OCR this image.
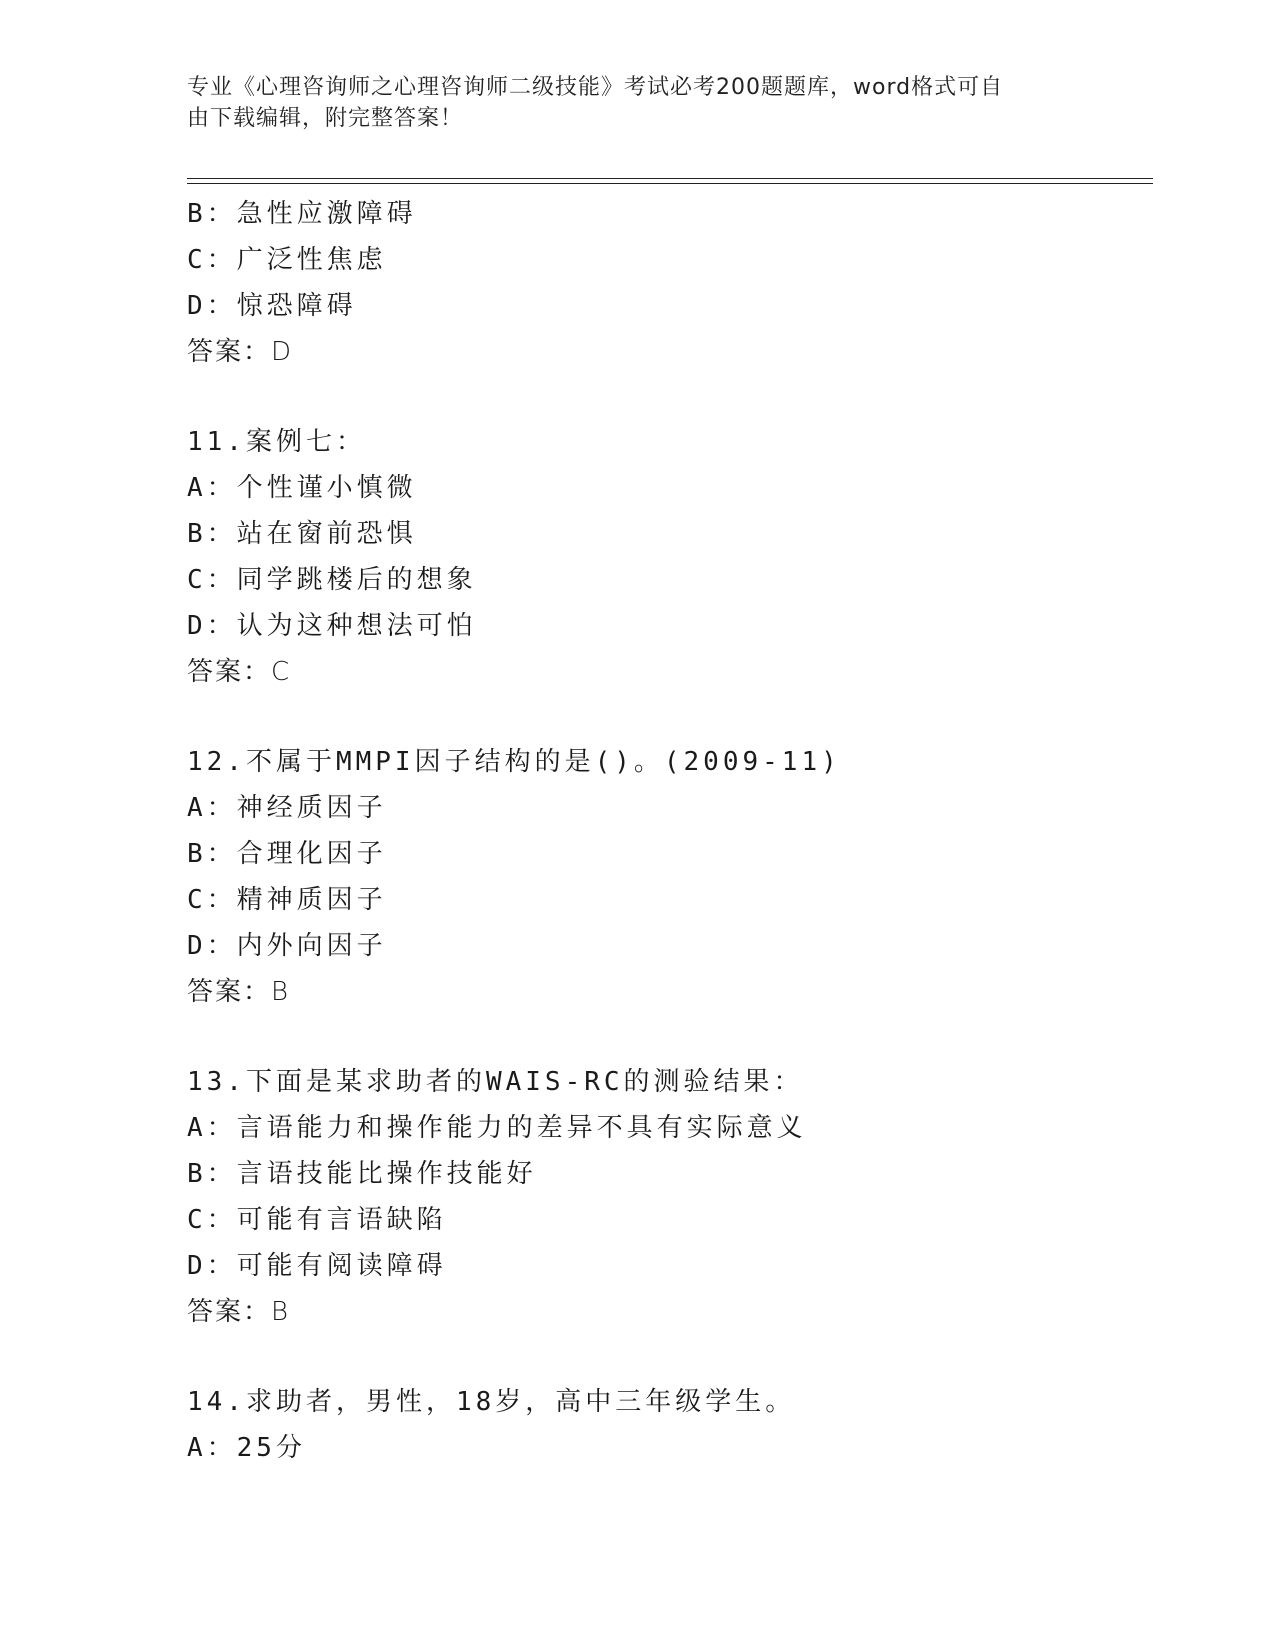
专业《心理咨询师之心理咨询师二级技能》考试必考200题题库，word格式可自
由下载编辑，附完整答案！
B：急性应激障碍
C：广泛性焦虑
D：惊恐障碍
答案：D
11.案例七：
A：个性谨小慎微
B：站在窗前恐惧
C：同学跳楼后的想象
D：认为这种想法可怕
答案：C
12.不属于MMPI因子结构的是()。(2009-11)
A：神经质因子
B：合理化因子
C：精神质因子
D：内外向因子
答案：B
13.下面是某求助者的WAIS-RC的测验结果：
A：言语能力和操作能力的差异不具有实际意义
B：言语技能比操作技能好
C：可能有言语缺陷
D：可能有阅读障碍
答案：B
14.求助者，男性，18岁，高中三年级学生。
A：25分
